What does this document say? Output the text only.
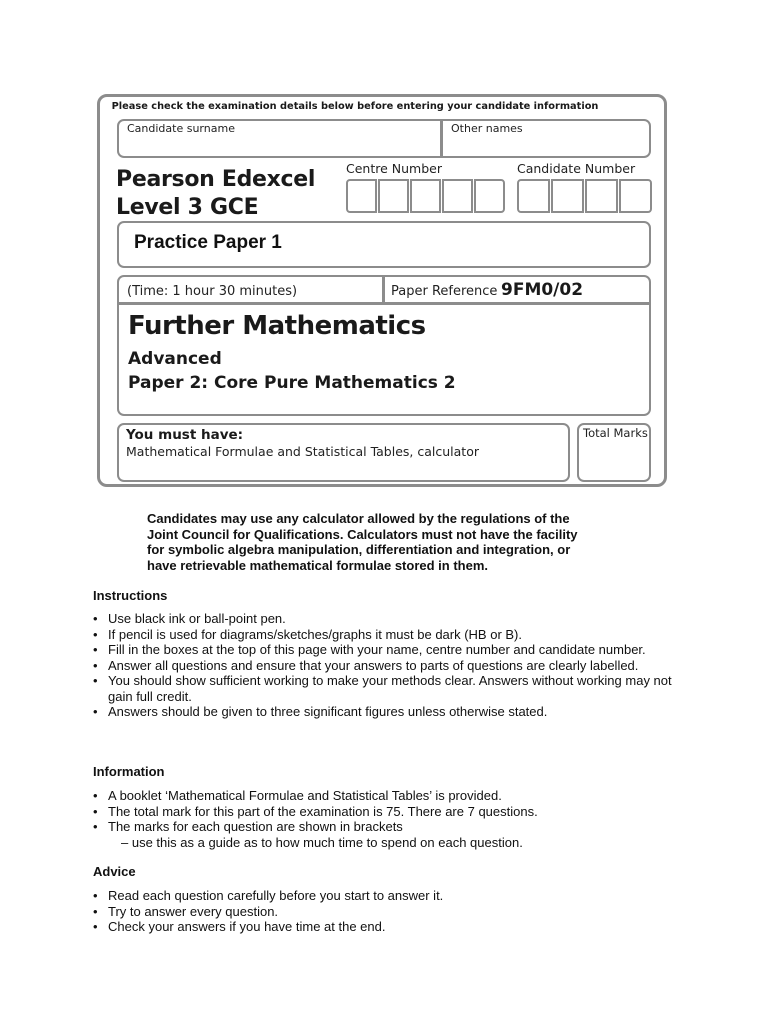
Please check the examination details below before entering your candidate information
Candidate surname	Other names
Pearson Edexcel
Level 3 GCE
Centre Number	Candidate Number
Practice Paper 1
(Time: 1 hour 30 minutes)	Paper Reference 9FM0/02
Further Mathematics
Advanced
Paper 2: Core Pure Mathematics 2
You must have:
Mathematical Formulae and Statistical Tables, calculator
Total Marks
Candidates may use any calculator allowed by the regulations of the
Joint Council for Qualifications. Calculators must not have the facility
for symbolic algebra manipulation, differentiation and integration, or
have retrievable mathematical formulae stored in them.
Instructions
• Use black ink or ball-point pen.
• If pencil is used for diagrams/sketches/graphs it must be dark (HB or B).
• Fill in the boxes at the top of this page with your name, centre number and candidate number.
• Answer all questions and ensure that your answers to parts of questions are clearly labelled.
• You should show sufficient working to make your methods clear. Answers without working may not gain full credit.
• Answers should be given to three significant figures unless otherwise stated.
Information
• A booklet ‘Mathematical Formulae and Statistical Tables’ is provided.
• The total mark for this part of the examination is 75. There are 7 questions.
• The marks for each question are shown in brackets
– use this as a guide as to how much time to spend on each question.
Advice
• Read each question carefully before you start to answer it.
• Try to answer every question.
• Check your answers if you have time at the end.
